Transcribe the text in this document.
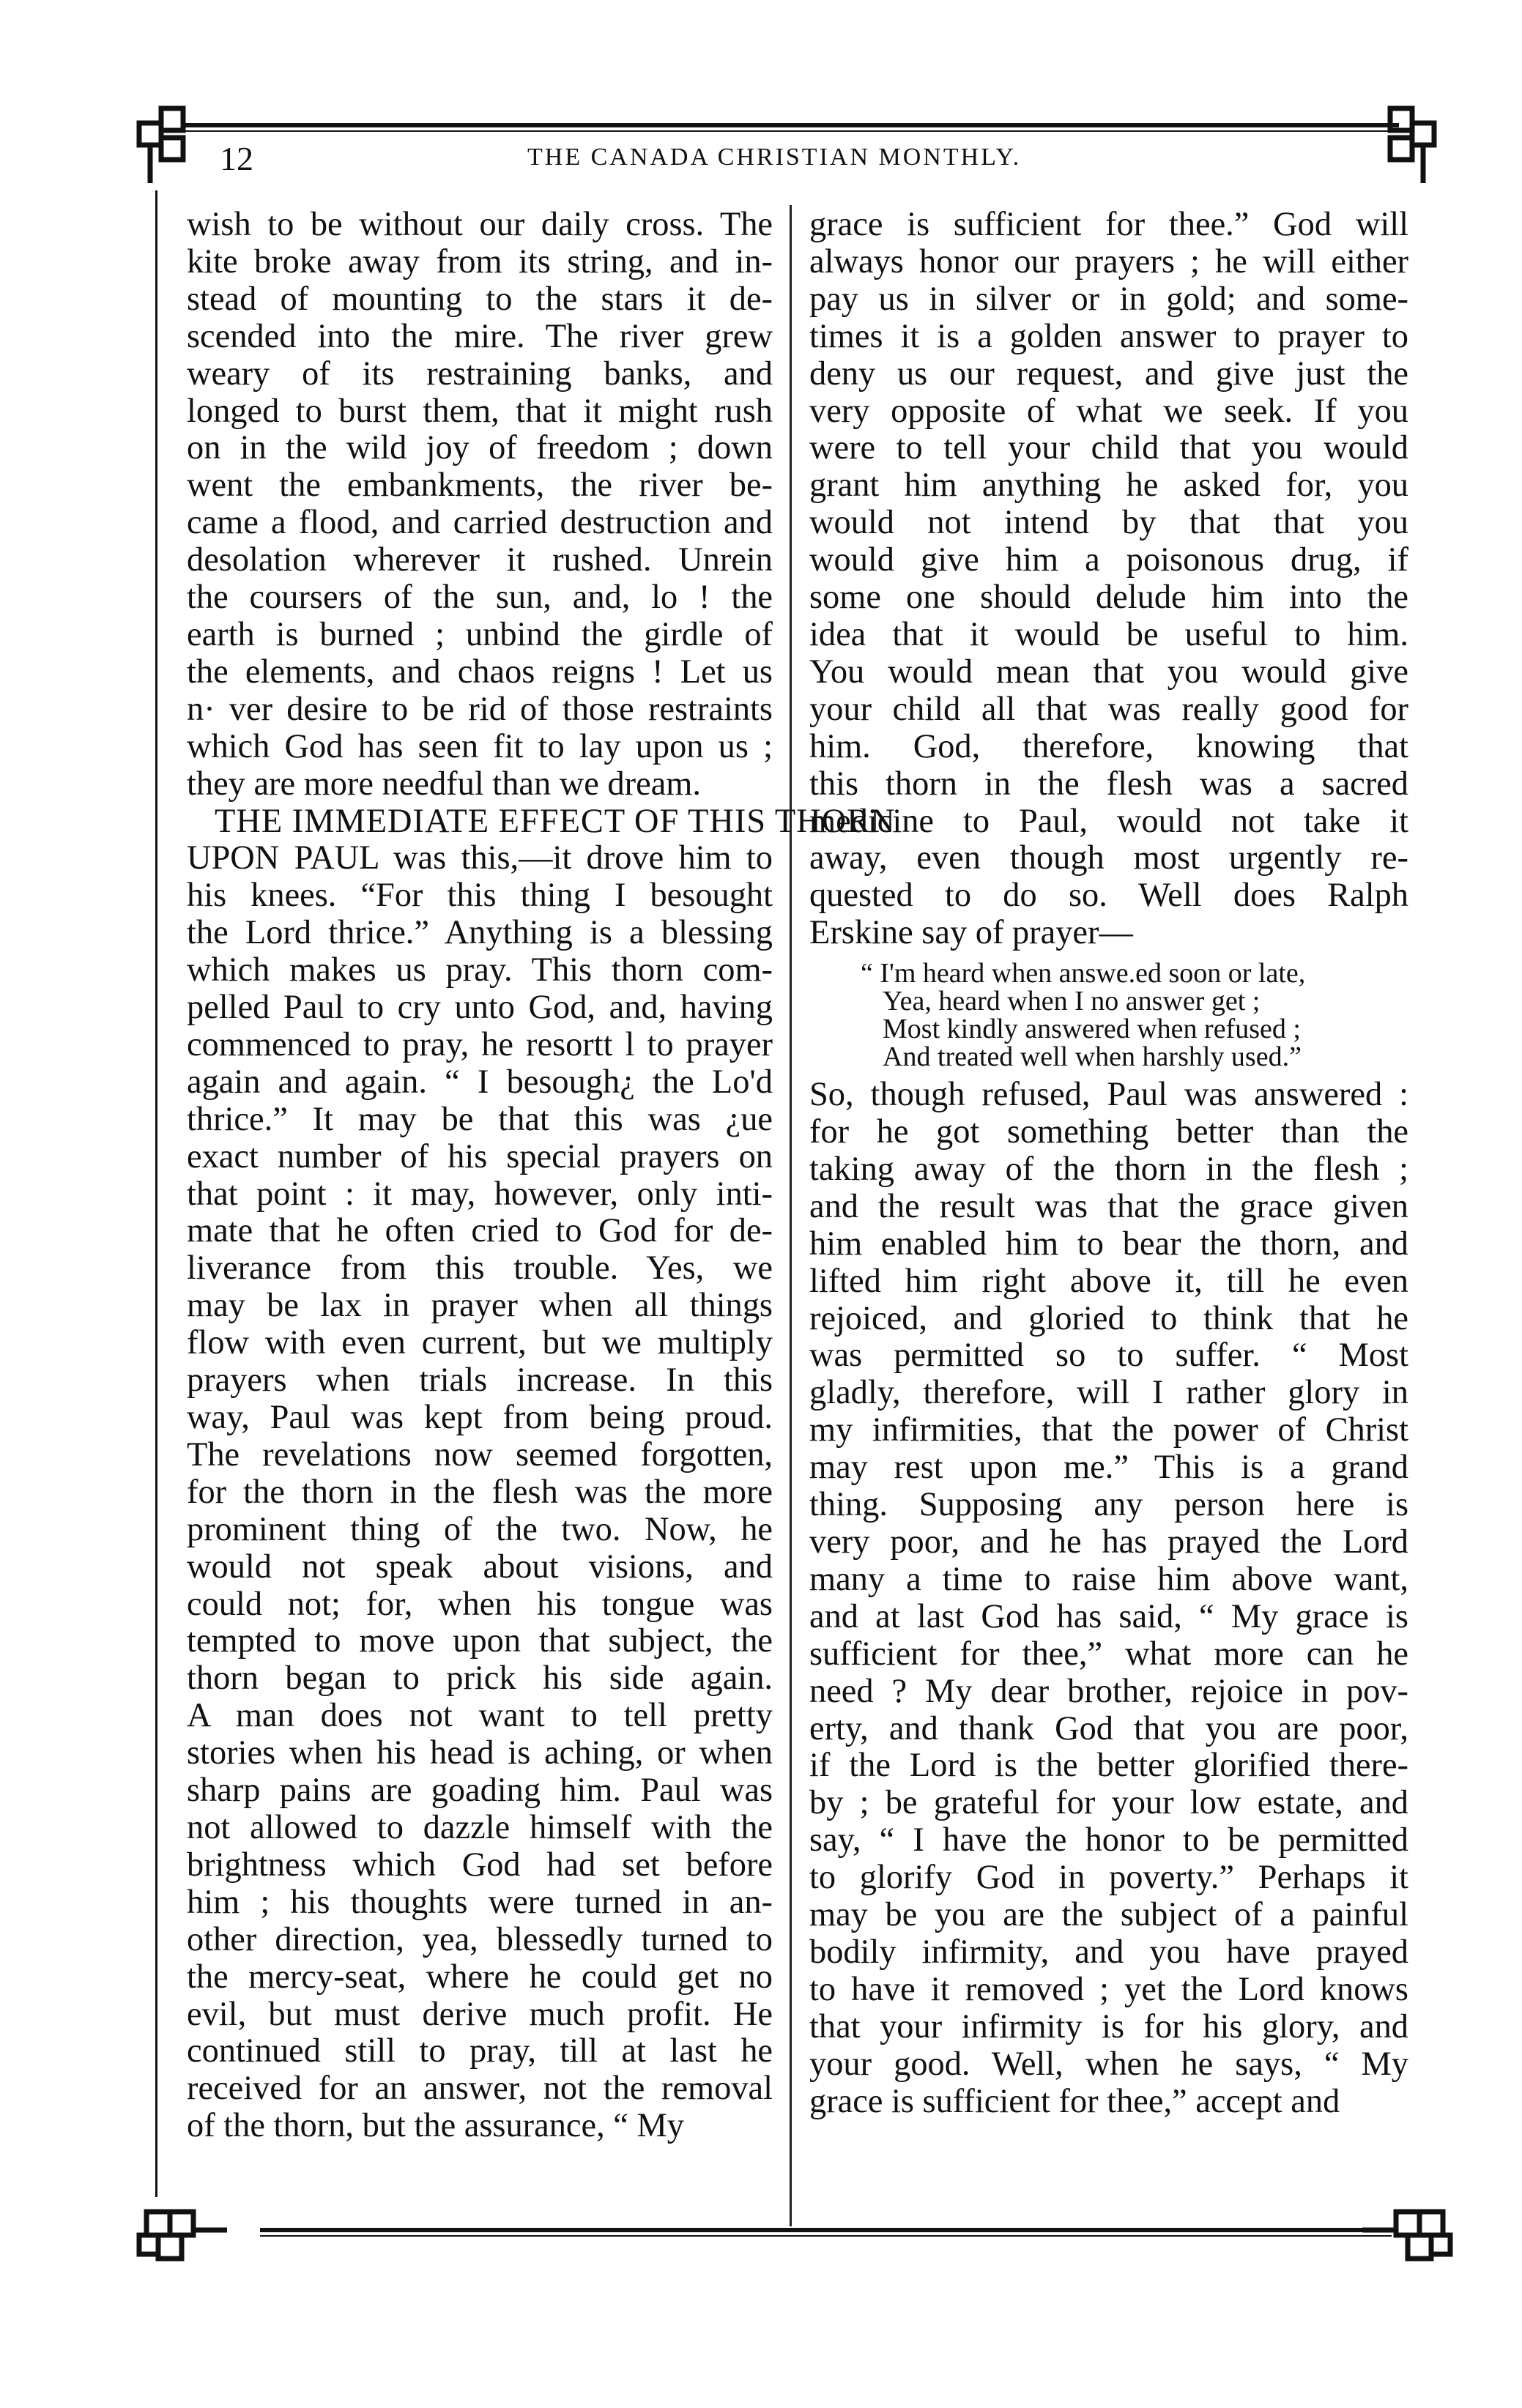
12	THE CANADA CHRISTIAN MONTHLY.
wish to be without our daily cross. The
kite broke away from its string, and in-
stead of mounting to the stars it de-
scended into the mire. The river grew
weary of its restraining banks, and
longed to burst them, that it might rush
on in the wild joy of freedom ; down
went the embankments, the river be-
came a flood, and carried destruction and
desolation wherever it rushed. Unrein
the coursers of the sun, and, lo ! the
earth is burned ; unbind the girdle of
the elements, and chaos reigns ! Let us
n· ver desire to be rid of those restraints
which God has seen fit to lay upon us ;
they are more needful than we dream.
THE IMMEDIATE EFFECT OF THIS THORN
UPON PAUL was this,—it drove him to
his knees. “For this thing I besought
the Lord thrice.” Anything is a blessing
which makes us pray. This thorn com-
pelled Paul to cry unto God, and, having
commenced to pray, he resortt l to prayer
again and again. “ I besough¿ the Lo'd
thrice.” It may be that this was ¿ue
exact number of his special prayers on
that point : it may, however, only inti-
mate that he often cried to God for de-
liverance from this trouble. Yes, we
may be lax in prayer when all things
flow with even current, but we multiply
prayers when trials increase. In this
way, Paul was kept from being proud.
The revelations now seemed forgotten,
for the thorn in the flesh was the more
prominent thing of the two. Now, he
would not speak about visions, and
could not; for, when his tongue was
tempted to move upon that subject, the
thorn began to prick his side again.
A man does not want to tell pretty
stories when his head is aching, or when
sharp pains are goading him. Paul was
not allowed to dazzle himself with the
brightness which God had set before
him ; his thoughts were turned in an-
other direction, yea, blessedly turned to
the mercy-seat, where he could get no
evil, but must derive much profit. He
continued still to pray, till at last he
received for an answer, not the removal
of the thorn, but the assurance, “ My
grace is sufficient for thee.” God will
always honor our prayers ; he will either
pay us in silver or in gold; and some-
times it is a golden answer to prayer to
deny us our request, and give just the
very opposite of what we seek. If you
were to tell your child that you would
grant him anything he asked for, you
would not intend by that that you
would give him a poisonous drug, if
some one should delude him into the
idea that it would be useful to him.
You would mean that you would give
your child all that was really good for
him. God, therefore, knowing that
this thorn in the flesh was a sacred
medicine to Paul, would not take it
away, even though most urgently re-
quested to do so. Well does Ralph
Erskine say of prayer—
“ I'm heard when answe.ed soon or late,
Yea, heard when I no answer get ;
Most kindly answered when refused ;
And treated well when harshly used.”
So, though refused, Paul was answered :
for he got something better than the
taking away of the thorn in the flesh ;
and the result was that the grace given
him enabled him to bear the thorn, and
lifted him right above it, till he even
rejoiced, and gloried to think that he
was permitted so to suffer. “ Most
gladly, therefore, will I rather glory in
my infirmities, that the power of Christ
may rest upon me.” This is a grand
thing. Supposing any person here is
very poor, and he has prayed the Lord
many a time to raise him above want,
and at last God has said, “ My grace is
sufficient for thee,” what more can he
need ? My dear brother, rejoice in pov-
erty, and thank God that you are poor,
if the Lord is the better glorified there-
by ; be grateful for your low estate, and
say, “ I have the honor to be permitted
to glorify God in poverty.” Perhaps it
may be you are the subject of a painful
bodily infirmity, and you have prayed
to have it removed ; yet the Lord knows
that your infirmity is for his glory, and
your good. Well, when he says, “ My
grace is sufficient for thee,” accept and
